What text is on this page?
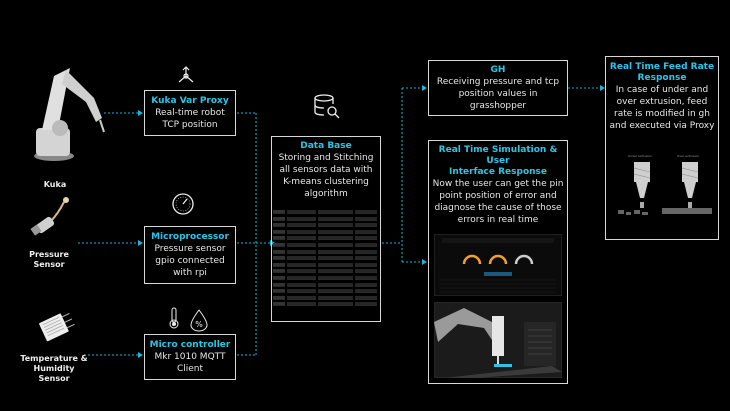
Kuka
Pressure
Sensor
Temperature &
Humidity
Sensor
%
Kuka Var Proxy
Real-time robot
TCP position
Microprocessor
Pressure sensor
gpio connected
with rpi
Micro controller
Mkr 1010 MQTT
Client
Data Base
Storing and Stitching
all sensors data with
K-means clustering
algorithm
GH
Receiving pressure and tcp
position values in
grasshopper
Real Time Simulation & User
Interface Response
Now the user can get the pin
point position of error and
diagnose the cause of those
errors in real time
Real Time Feed Rate
Response
In case of under and
over extrusion, feed
rate is modified in gh
and executed via Proxy
Under extrusion	Over extrusion
